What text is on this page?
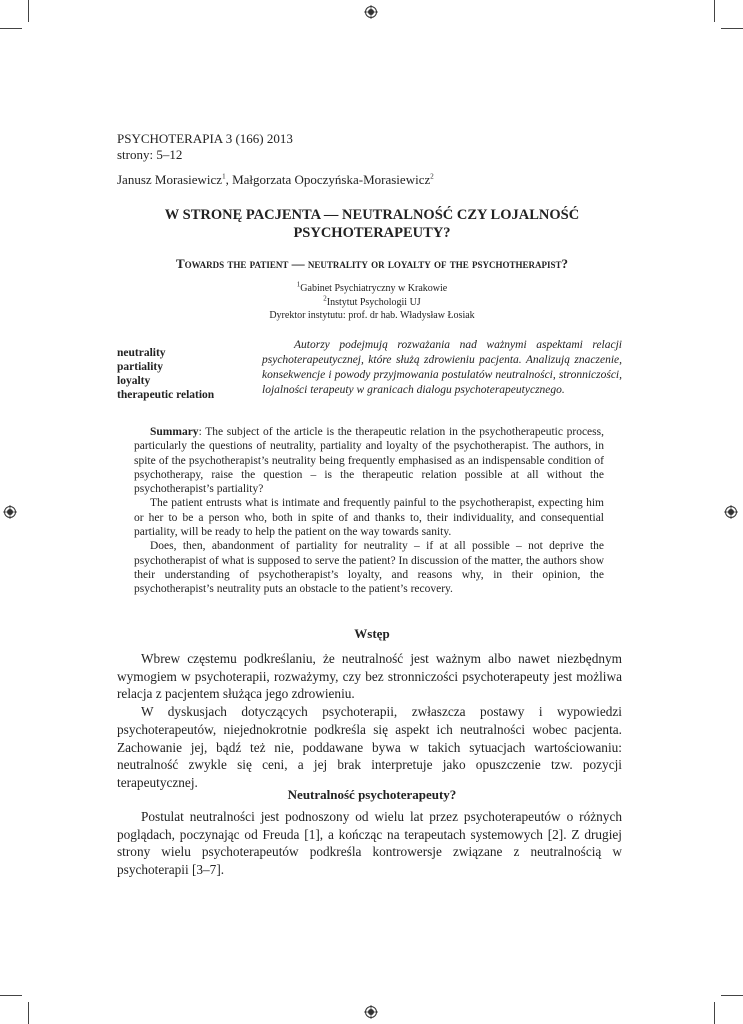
PSYCHOTERAPIA 3 (166) 2013
strony: 5–12
Janusz Morasiewicz$^1$, Małgorzata Opoczyńska-Morasiewicz$^2$
W STRONĘ PACJENTA — NEUTRALNOŚĆ CZY LOJALNOŚĆ
PSYCHOTERAPEUTY?
Towards the patient — neutrality or loyalty of the psychotherapist?
$^1$Gabinet Psychiatryczny w Krakowie
$^2$Instytut Psychologii UJ
Dyrektor instytutu: prof. dr hab. Władysław Łosiak
neutrality
partiality
loyalty
therapeutic relation
Autorzy podejmują rozważania nad ważnymi aspektami relacji psychoterapeutycznej, które służą zdrowieniu pacjenta. Analizują znaczenie, konsekwencje i powody przyjmowania postulatów neutralności, stronniczości, lojalności terapeuty w granicach dialogu psychoterapeutycznego.

Summary: The subject of the article is the therapeutic relation in the psychotherapeutic process, particularly the questions of neutrality, partiality and loyalty of the psychotherapist. The authors, in spite of the psychotherapist’s neutrality being frequently emphasised as an indispensable condition of psychotherapy, raise the question – is the therapeutic relation possible at all without the psychotherapist’s partiality?

The patient entrusts what is intimate and frequently painful to the psychotherapist, expecting him or her to be a person who, both in spite of and thanks to, their individuality, and consequential partiality, will be ready to help the patient on the way towards sanity.

Does, then, abandonment of partiality for neutrality – if at all possible – not deprive the psychotherapist of what is supposed to serve the patient? In discussion of the matter, the authors show their understanding of psychotherapist’s loyalty, and reasons why, in their opinion, the psychotherapist’s neutrality puts an obstacle to the patient’s recovery.

Wstęp

Wbrew częstemu podkreślaniu, że neutralność jest ważnym albo nawet niezbędnym wymogiem w psychoterapii, rozważymy, czy bez stronniczości psychoterapeuty jest możliwa relacja z pacjentem służąca jego zdrowieniu.

W dyskusjach dotyczących psychoterapii, zwłaszcza postawy i wypowiedzi psychoterapeutów, niejednokrotnie podkreśla się aspekt ich neutralności wobec pacjenta. Zachowanie jej, bądź też nie, poddawane bywa w takich sytuacjach wartościowaniu: neutralność zwykle się ceni, a jej brak interpretuje jako opuszczenie tzw. pozycji terapeutycznej.

Neutralność psychoterapeuty?

Postulat neutralności jest podnoszony od wielu lat przez psychoterapeutów o różnych poglądach, poczynając od Freuda [1], a kończąc na terapeutach systemowych [2]. Z drugiej strony wielu psychoterapeutów podkreśla kontrowersje związane z neutralnością w psychoterapii [3–7].
